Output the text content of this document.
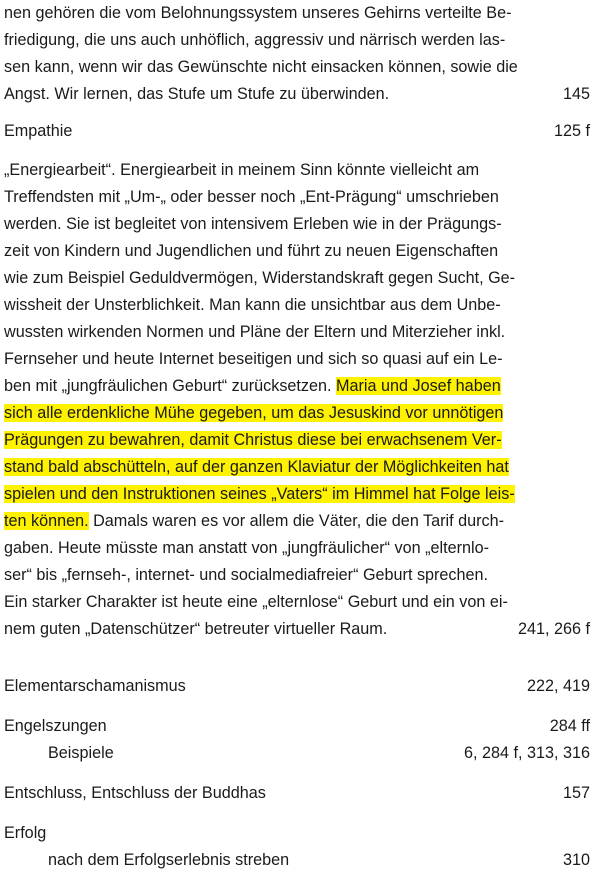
nen gehören die vom Belohnungssystem unseres Gehirns verteilte Be-
friedigung, die uns auch unhöflich, aggressiv und närrisch werden las-
sen kann, wenn wir das Gewünschte nicht einsacken können, sowie die
Angst. Wir lernen, das Stufe um Stufe zu überwinden.	145
Empathie	125 f
„Energiearbeit“. Energiearbeit in meinem Sinn könnte vielleicht am
Treffendsten mit „Um-„ oder besser noch „Ent-Prägung“ umschrieben
werden. Sie ist begleitet von intensivem Erleben wie in der Prägungs-
zeit von Kindern und Jugendlichen und führt zu neuen Eigenschaften
wie zum Beispiel Geduldvermögen, Widerstandskraft gegen Sucht, Ge-
wissheit der Unsterblichkeit. Man kann die unsichtbar aus dem Unbe-
wussten wirkenden Normen und Pläne der Eltern und Miterzieher inkl.
Fernseher und heute Internet beseitigen und sich so quasi auf ein Le-
ben mit „jungfräulichen Geburt“ zurücksetzen. Maria und Josef haben
sich alle erdenkliche Mühe gegeben, um das Jesuskind vor unnötigen
Prägungen zu bewahren, damit Christus diese bei erwachsenem Ver-
stand bald abschütteln, auf der ganzen Klaviatur der Möglichkeiten hat
spielen und den Instruktionen seines „Vaters“ im Himmel hat Folge leis-
ten können. Damals waren es vor allem die Väter, die den Tarif durch-
gaben. Heute müsste man anstatt von „jungfräulicher“ von „elternlo-
ser“ bis „fernseh-, internet- und socialmediafreier“ Geburt sprechen.
Ein starker Charakter ist heute eine „elternlose“ Geburt und ein von ei-
nem guten „Datenschützer“ betreuter virtueller Raum.	241, 266 f
Elementarschamanismus	222, 419
Engelszungen	284 ff
Beispiele	6, 284 f, 313, 316
Entschluss, Entschluss der Buddhas	157
Erfolg
nach dem Erfolgserlebnis streben	310
